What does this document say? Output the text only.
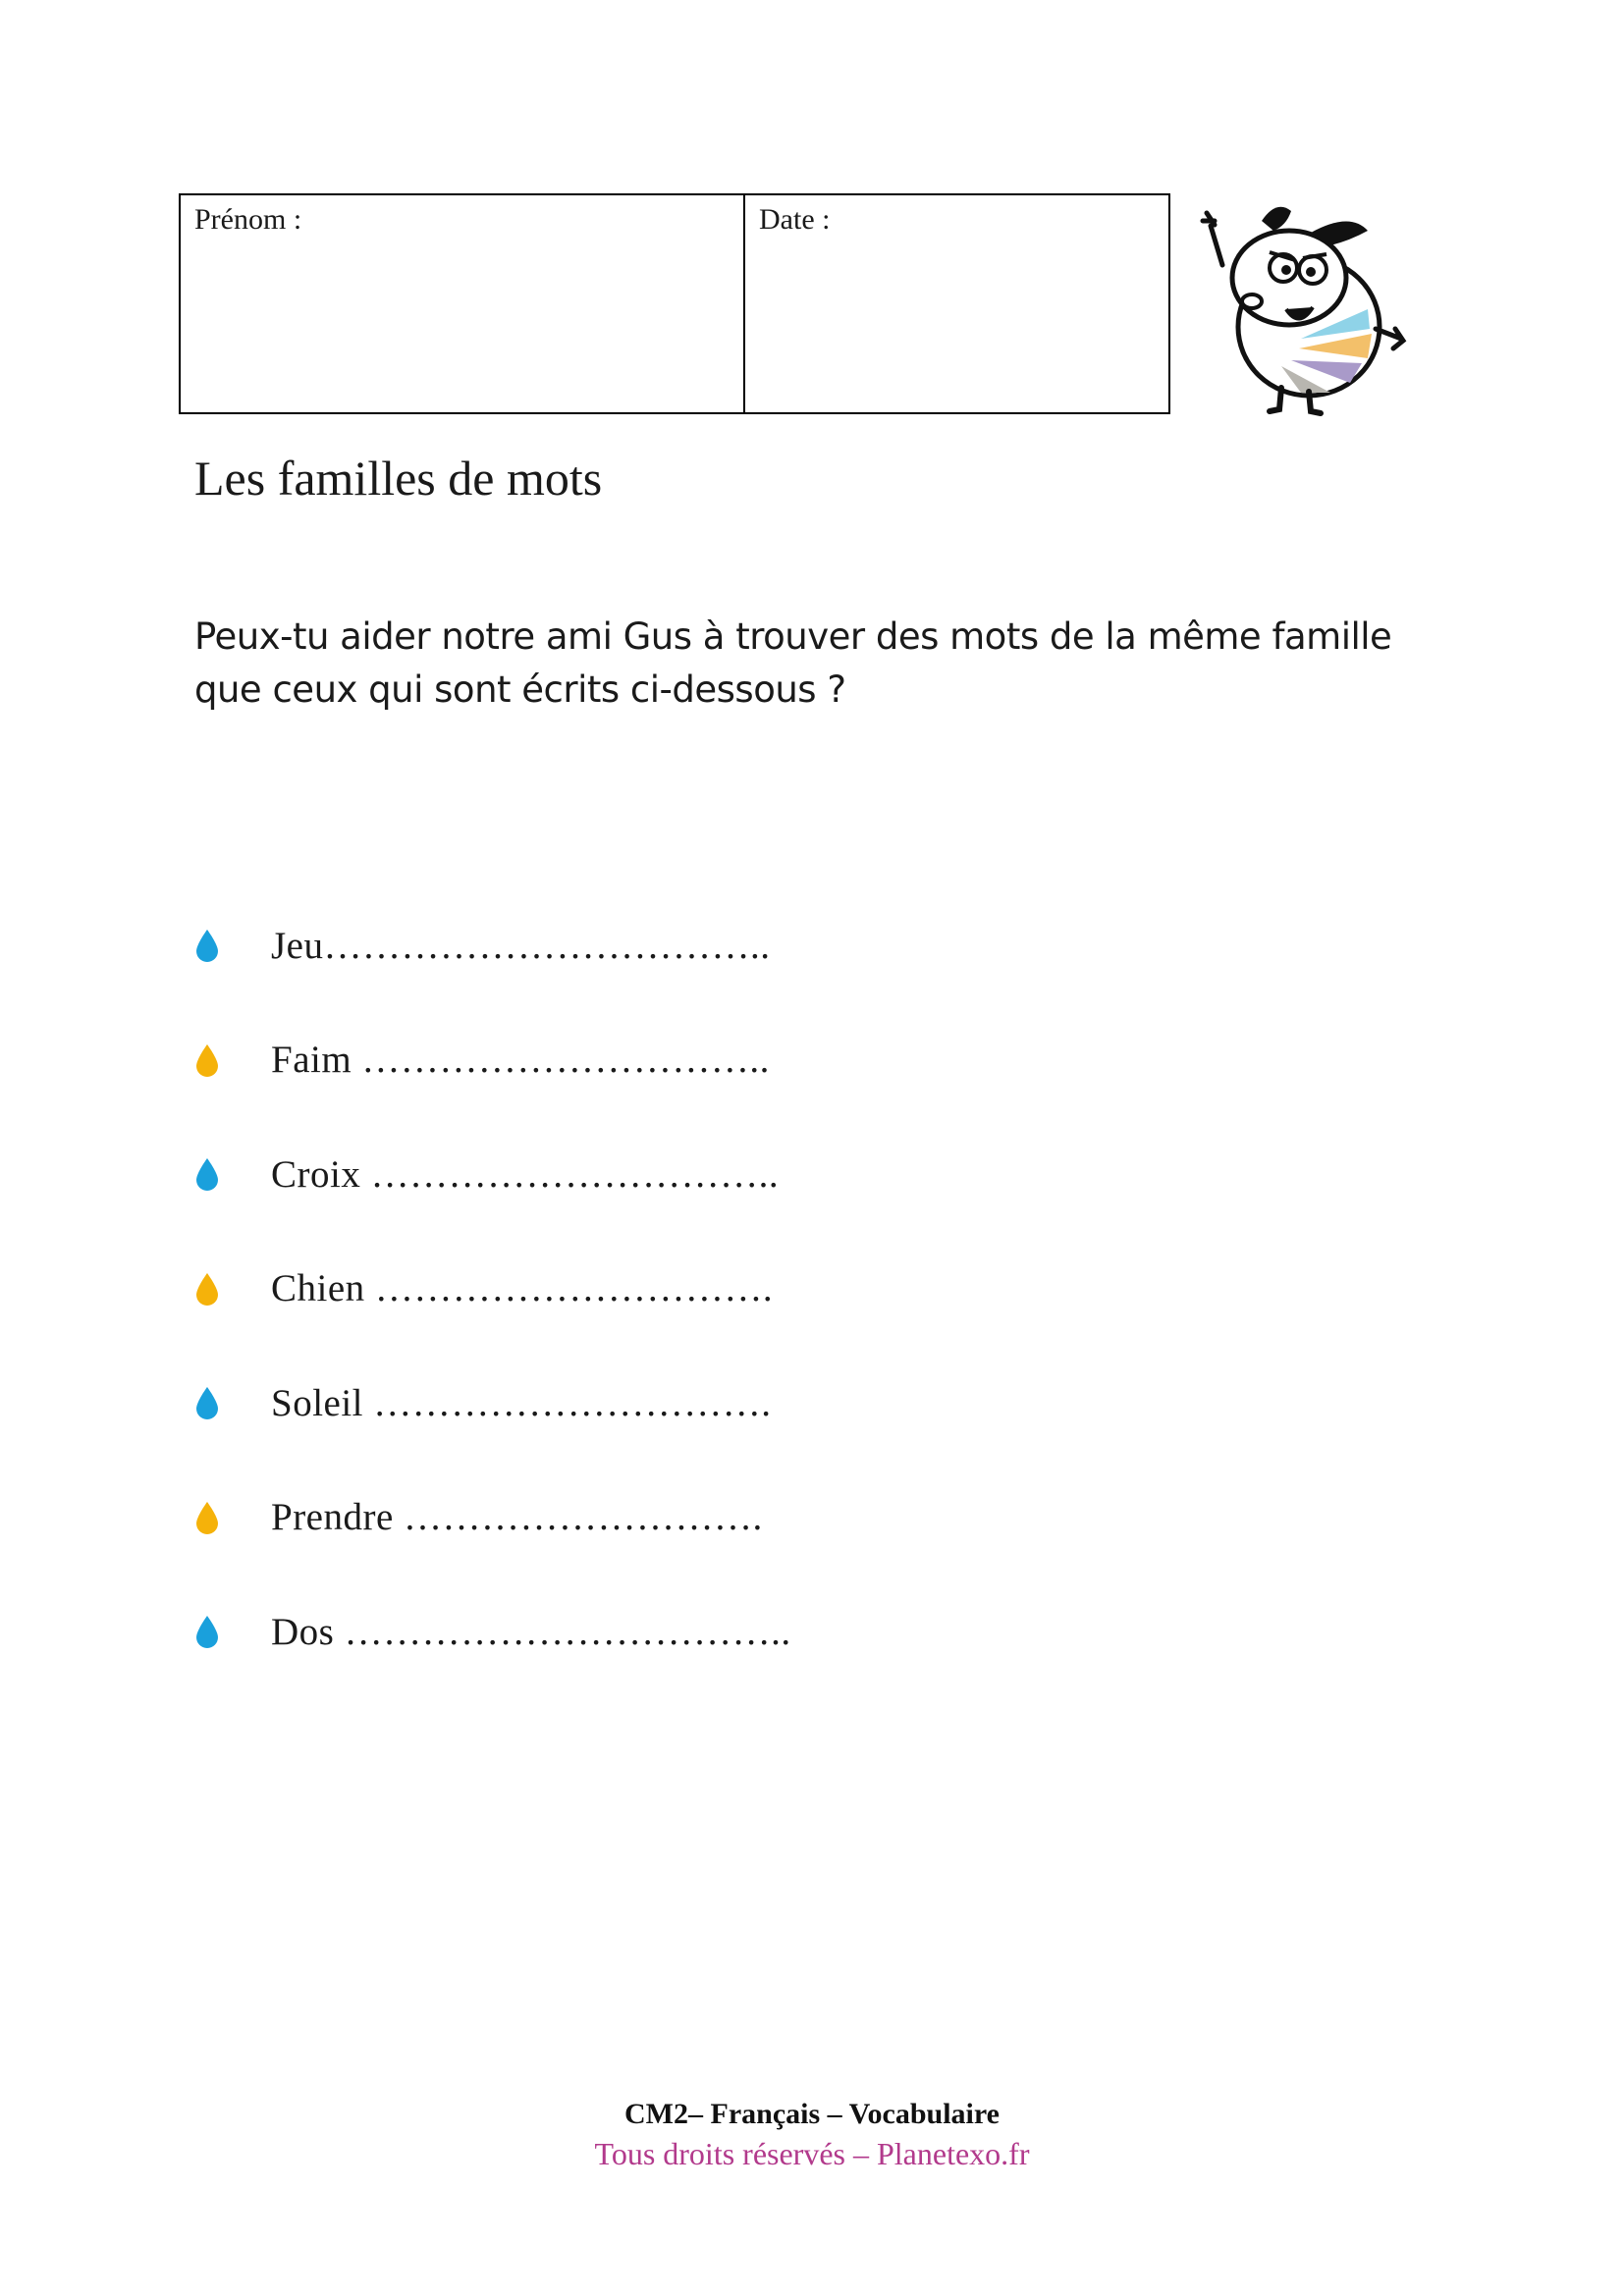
Prénom :	Date :
Les familles de mots

Peux-tu aider notre ami Gus à trouver des mots de la même famille
que ceux qui sont écrits ci-dessous ?

Jeu……………………………..
Faim …………………………..
Croix …………………………..
Chien ………………………….
Soleil ………………………….
Prendre ……………………….
Dos ……………………………..
CM2– Français – Vocabulaire
Tous droits réservés – Planetexo.fr
